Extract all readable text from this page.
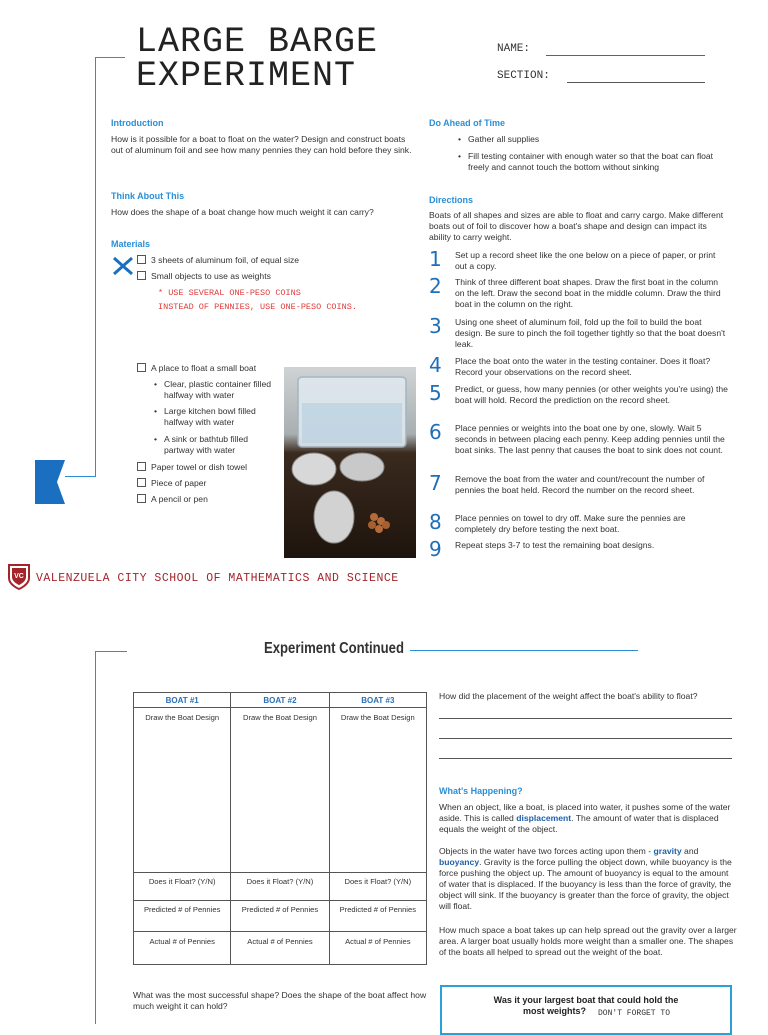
LARGE BARGE
EXPERIMENT
NAME:
SECTION:
Introduction
How is it possible for a boat to float on the water? Design and construct boats out of aluminum foil and see how many pennies they can hold before they sink.
Think About This
How does the shape of a boat change how much weight it can carry?
Materials
3 sheets of aluminum foil, of equal size
Small objects to use as weights
* USE SEVERAL ONE-PESO COINS
INSTEAD OF PENNIES, USE ONE-PESO COINS.
A place to float a small boat
• Clear, plastic container filled halfway with water
• Large kitchen bowl filled halfway with water
• A sink or bathtub filled partway with water
Paper towel or dish towel
Piece of paper
A pencil or pen
Do Ahead of Time
• Gather all supplies
• Fill testing container with enough water so that the boat can float freely and cannot touch the bottom without sinking
Directions
Boats of all shapes and sizes are able to float and carry cargo. Make different boats out of foil to discover how a boat's shape and design can impact its ability to carry weight.
1 Set up a record sheet like the one below on a piece of paper, or print out a copy.
2 Think of three different boat shapes. Draw the first boat in the column on the left. Draw the second boat in the middle column. Draw the third boat in the column on the right.
3 Using one sheet of aluminum foil, fold up the foil to build the boat design. Be sure to pinch the foil together tightly so that the boat doesn't leak.
4 Place the boat onto the water in the testing container. Does it float? Record your observations on the record sheet.
5 Predict, or guess, how many pennies (or other weights you're using) the boat will hold. Record the prediction on the record sheet.
6 Place pennies or weights into the boat one by one, slowly. Wait 5 seconds in between placing each penny. Keep adding pennies until the boat sinks. The last penny that causes the boat to sink does not count.
7 Remove the boat from the water and count/recount the number of pennies the boat held. Record the number on the record sheet.
8 Place pennies on towel to dry off. Make sure the pennies are completely dry before testing the next boat.
9 Repeat steps 3-7 to test the remaining boat designs.
VC VALENZUELA CITY SCHOOL OF MATHEMATICS AND SCIENCE
Experiment Continued
BOAT #1	BOAT #2	BOAT #3
Draw the Boat Design	Draw the Boat Design	Draw the Boat Design
Does it Float? (Y/N)	Does it Float? (Y/N)	Does it Float? (Y/N)
Predicted # of Pennies	Predicted # of Pennies	Predicted # of Pennies
Actual # of Pennies	Actual # of Pennies	Actual # of Pennies
How did the placement of the weight affect the boat's ability to float?
What's Happening?
When an object, like a boat, is placed into water, it pushes some of the water aside. This is called displacement. The amount of water that is displaced equals the weight of the object.
Objects in the water have two forces acting upon them - gravity and buoyancy. Gravity is the force pulling the object down, while buoyancy is the force pushing the object up. The amount of buoyancy is equal to the amount of water that is displaced. If the buoyancy is less than the force of gravity, the object will sink. If the buoyancy is greater than the force of gravity, the object will float.
How much space a boat takes up can help spread out the gravity over a larger area. A larger boat usually holds more weight than a smaller one. The shapes of the boats all helped to spread out the weight of the boat.
What was the most successful shape? Does the shape of the boat affect how much weight it can hold?
Was it your largest boat that could hold the
most weights? DON'T FORGET TO
